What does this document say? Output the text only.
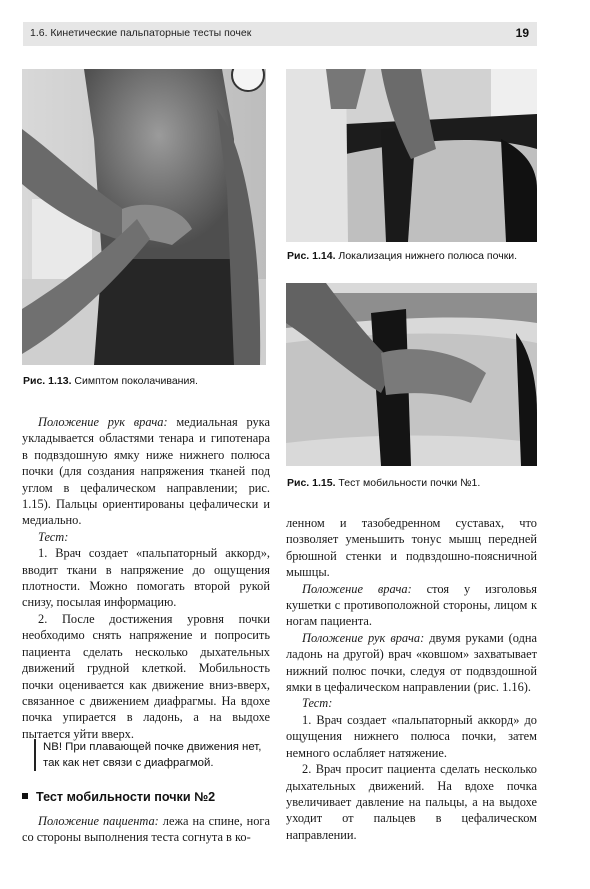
1.6. Кинетические пальпаторные тесты почек	19
Рис. 1.13. Симптом поколачивания.
Рис. 1.14. Локализация нижнего полюса почки.
Рис. 1.15. Тест мобильности почки №1.

Положение рук врача: медиальная рука укладывается областями тенара и гипотенара в подвздошную ямку ниже нижнего полюса почки (для создания напряжения тканей под углом в цефалическом направлении; рис. 1.15). Пальцы ориентированы цефалически и медиально.

Тест:

1. Врач создает «пальпаторный аккорд», вводит ткани в напряжение до ощущения плотности. Можно помогать второй рукой снизу, посылая информацию.

2. После достижения уровня почки необходимо снять напряжение и попросить пациента сделать несколько дыхательных движений грудной клеткой. Мобильность почки оценивается как движение вниз-вверх, связанное с движением диафрагмы. На вдохе почка упирается в ладонь, а на выдохе пытается уйти вверх.

NB! При плавающей почке движения нет, так как нет связи с диафрагмой.
Тест мобильности почки №2

Положение пациента: лежа на спине, нога со стороны выполнения теста согнута в ко-

ленном и тазобедренном суставах, что позволяет уменьшить тонус мышц передней брюшной стенки и подвздошно-поясничной мышцы.

Положение врача: стоя у изголовья кушетки с противоположной стороны, лицом к ногам пациента.

Положение рук врача: двумя руками (одна ладонь на другой) врач «ковшом» захватывает нижний полюс почки, следуя от подвздошной ямки в цефалическом направлении (рис. 1.16).

Тест:

1. Врач создает «пальпаторный аккорд» до ощущения нижнего полюса почки, затем немного ослабляет натяжение.

2. Врач просит пациента сделать несколько дыхательных движений. На вдохе почка увеличивает давление на пальцы, а на выдохе уходит от пальцев в цефалическом направлении.
